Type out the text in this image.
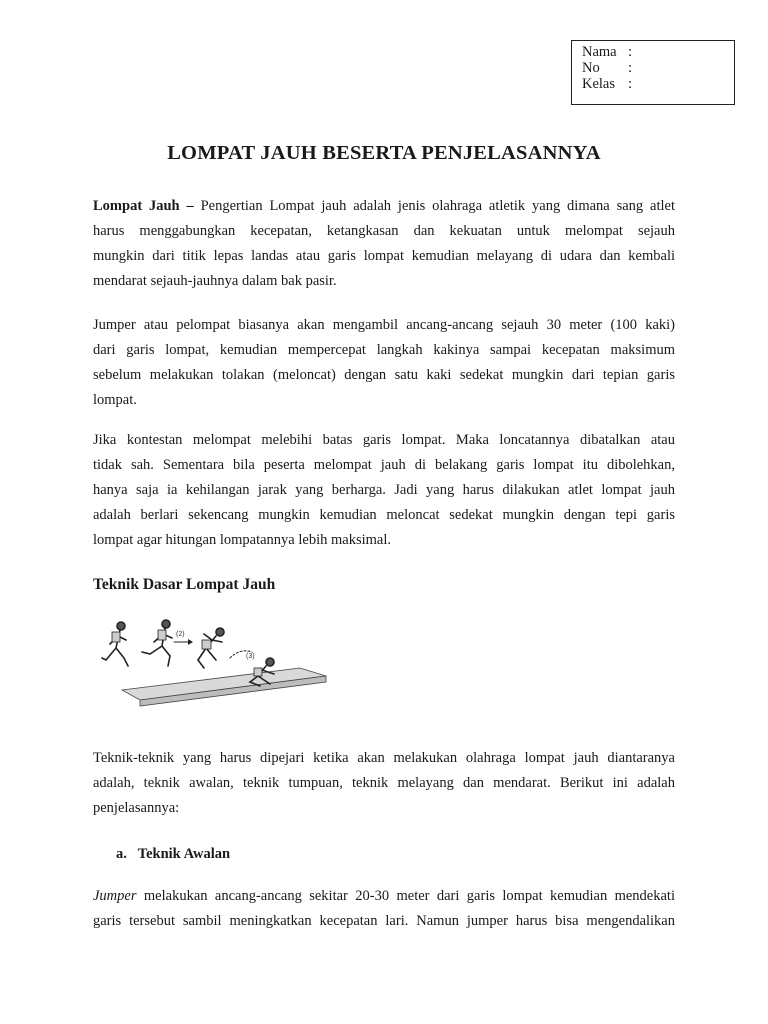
Nama :
No	:
Kelas :
LOMPAT JAUH BESERTA PENJELASANNYA
Lompat Jauh – Pengertian Lompat jauh adalah jenis olahraga atletik yang dimana sang atlet
harus menggabungkan kecepatan, ketangkasan dan kekuatan untuk melompat sejauh
mungkin dari titik lepas landas atau garis lompat kemudian melayang di udara dan kembali
mendarat sejauh-jauhnya dalam bak pasir.
Jumper atau pelompat biasanya akan mengambil ancang-ancang sejauh 30 meter (100 kaki)
dari garis lompat, kemudian mempercepat langkah kakinya sampai kecepatan maksimum
sebelum melakukan tolakan (meloncat) dengan satu kaki sedekat mungkin dari tepian garis
lompat.
Jika kontestan melompat melebihi batas garis lompat. Maka loncatannya dibatalkan atau
tidak sah. Sementara bila peserta melompat jauh di belakang garis lompat itu dibolehkan,
hanya saja ia kehilangan jarak yang berharga. Jadi yang harus dilakukan atlet lompat jauh
adalah berlari sekencang mungkin kemudian meloncat sedekat mungkin dengan tepi garis
lompat agar hitungan lompatannya lebih maksimal.
Teknik Dasar Lompat Jauh
(2)
(3)
Teknik-teknik yang harus dipejari ketika akan melakukan olahraga lompat jauh diantaranya
adalah, teknik awalan, teknik tumpuan, teknik melayang dan mendarat. Berikut ini adalah
penjelasannya:
a. Teknik Awalan
Jumper melakukan ancang-ancang sekitar 20-30 meter dari garis lompat kemudian mendekati
garis tersebut sambil meningkatkan kecepatan lari. Namun jumper harus bisa mengendalikan
